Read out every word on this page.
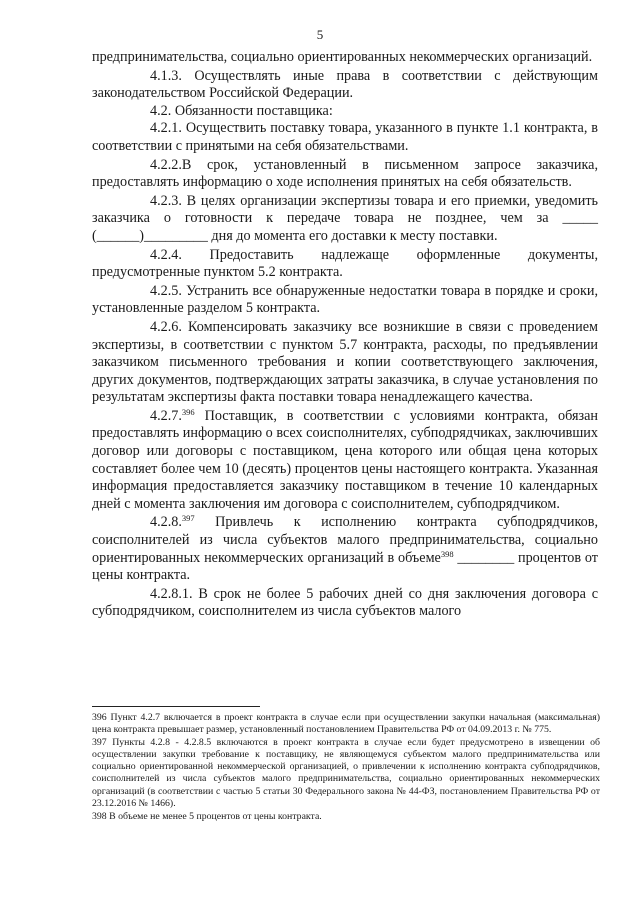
5

предпринимательства, социально ориентированных некоммерческих организаций.

4.1.3. Осуществлять иные права в соответствии с действующим законодательством Российской Федерации.

4.2. Обязанности поставщика:

4.2.1. Осуществить поставку товара, указанного в пункте 1.1 контракта, в соответствии с принятыми на себя обязательствами.

4.2.2.В срок, установленный в письменном запросе заказчика, предоставлять информацию о ходе исполнения принятых на себя обязательств.

4.2.3. В целях организации экспертизы товара и его приемки, уведомить заказчика о готовности к передаче товара не позднее, чем за _____ (______)_________ дня до момента его доставки к месту поставки.

4.2.4. Предоставить надлежаще оформленные документы, предусмотренные пунктом 5.2 контракта.

4.2.5. Устранить все обнаруженные недостатки товара в порядке и сроки, установленные разделом 5 контракта.

4.2.6. Компенсировать заказчику все возникшие в связи с проведением экспертизы, в соответствии с пунктом 5.7 контракта, расходы, по предъявлении заказчиком письменного требования и копии соответствующего заключения, других документов, подтверждающих затраты заказчика, в случае установления по результатам экспертизы факта поставки товара ненадлежащего качества.

4.2.7.$^{396}$ Поставщик, в соответствии с условиями контракта, обязан предоставлять информацию о всех соисполнителях, субподрядчиках, заключивших договор или договоры с поставщиком, цена которого или общая цена которых составляет более чем 10 (десять) процентов цены настоящего контракта. Указанная информация предоставляется заказчику поставщиком в течение 10 календарных дней с момента заключения им договора с соисполнителем, субподрядчиком.

4.2.8.$^{397}$ Привлечь к исполнению контракта субподрядчиков, соисполнителей из числа субъектов малого предпринимательства, социально ориентированных некоммерческих организаций в объеме$^{398}$ ________ процентов от цены контракта.

4.2.8.1. В срок не более 5 рабочих дней со дня заключения договора с субподрядчиком, соисполнителем из числа субъектов малого

396 Пункт 4.2.7 включается в проект контракта в случае если при осуществлении закупки начальная (максимальная) цена контракта превышает размер, установленный постановлением Правительства РФ от 04.09.2013 г. № 775.

397 Пункты 4.2.8 - 4.2.8.5 включаются в проект контракта в случае если будет предусмотрено в извещении об осуществлении закупки требование к поставщику, не являющемуся субъектом малого предпринимательства или социально ориентированной некоммерческой организацией, о привлечении к исполнению контракта субподрядчиков, соисполнителей из числа субъектов малого предпринимательства, социально ориентированных некоммерческих организаций (в соответствии с частью 5 статьи 30 Федерального закона № 44-ФЗ, постановлением Правительства РФ от 23.12.2016 № 1466).

398 В объеме не менее 5 процентов от цены контракта.
